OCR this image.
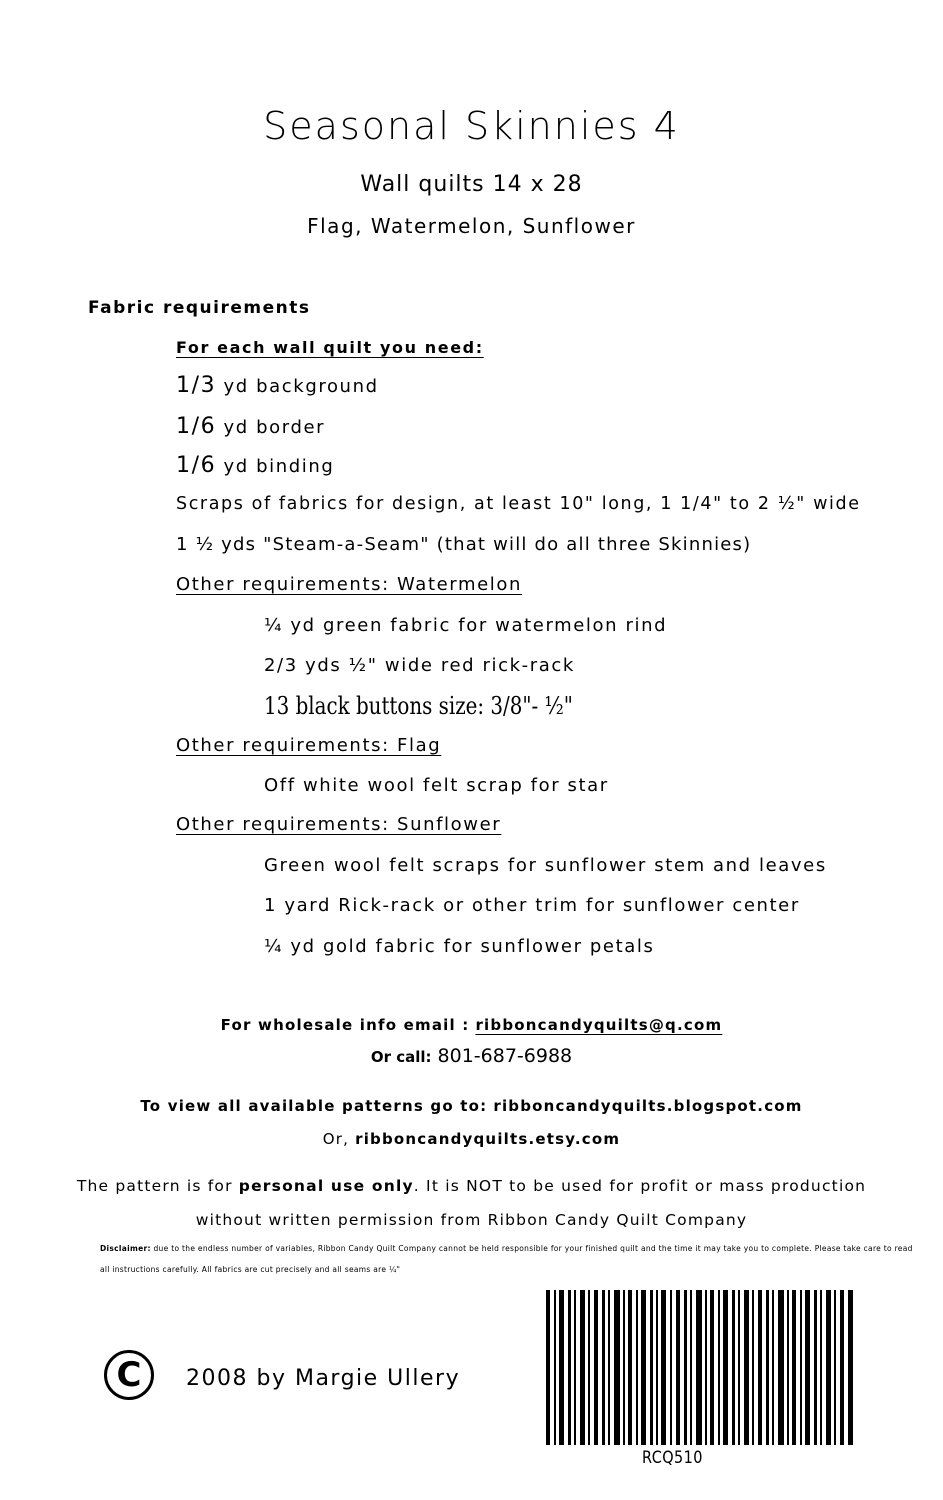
Seasonal Skinnies 4
Wall quilts 14 x 28
Flag, Watermelon, Sunflower
Fabric requirements
For each wall quilt you need:
1/3 yd background
1/6 yd border
1/6 yd binding
Scraps of fabrics for design, at least 10" long, 1 1/4" to 2 ½" wide
1 ½ yds "Steam-a-Seam" (that will do all three Skinnies)
Other requirements: Watermelon
¼ yd green fabric for watermelon rind
2/3 yds ½" wide red rick-rack
13 black buttons size: 3/8"- ½"
Other requirements: Flag
Off white wool felt scrap for star
Other requirements: Sunflower
Green wool felt scraps for sunflower stem and leaves
1 yard Rick-rack or other trim for sunflower center
¼ yd gold fabric for sunflower petals
For wholesale info email : ribboncandyquilts@q.com
Or call: 801-687-6988
To view all available patterns go to: ribboncandyquilts.blogspot.com
Or, ribboncandyquilts.etsy.com
The pattern is for personal use only. It is NOT to be used for profit or mass production
without written permission from Ribbon Candy Quilt Company
Disclaimer: due to the endless number of variables, Ribbon Candy Quilt Company cannot be held responsible for your finished quilt and the time it may take you to complete. Please take care to read all instructions carefully. All fabrics are cut precisely and all seams are ¼"
C	2008 by Margie Ullery
RCQ510
